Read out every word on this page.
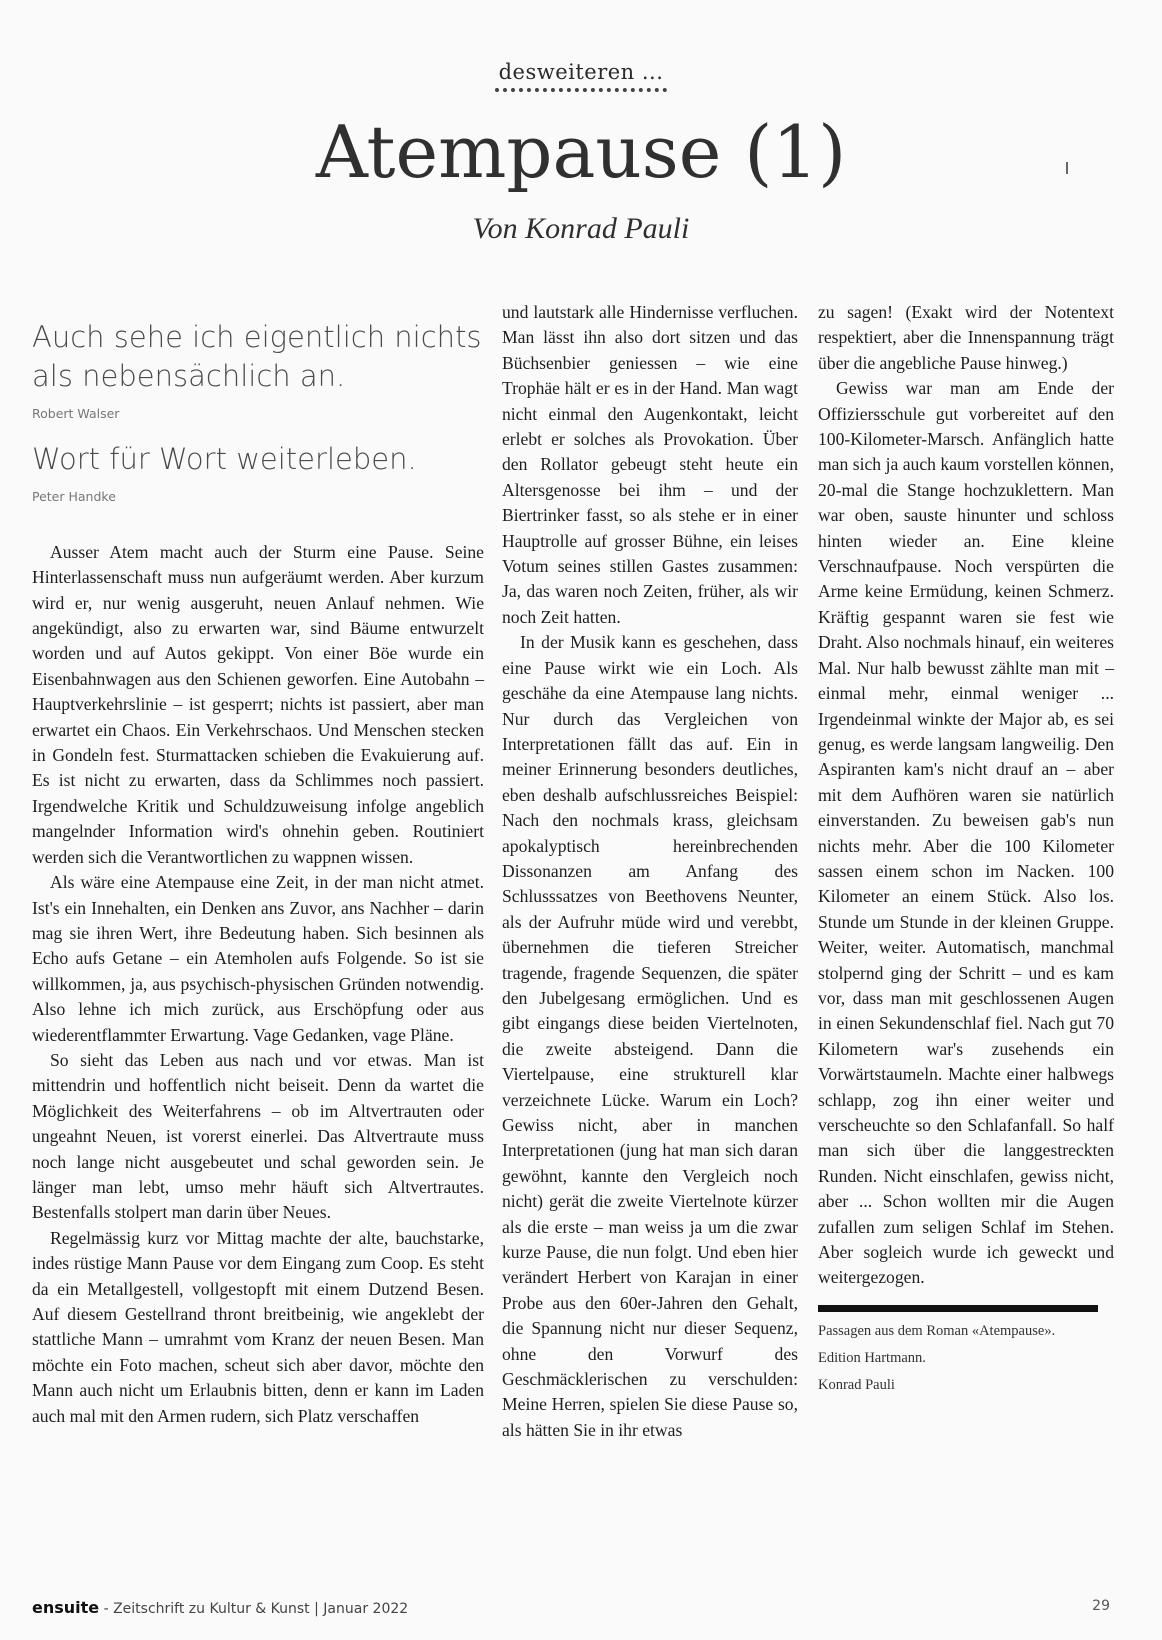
desweiteren ...
Atempause (1)
Von Konrad Pauli
Auch sehe ich eigentlich nichts als nebensächlich an.
Robert Walser
Wort für Wort weiterleben.
Peter Handke

Ausser Atem macht auch der Sturm eine Pause. Seine Hinterlassenschaft muss nun aufgeräumt werden. Aber kurzum wird er, nur wenig ausgeruht, neuen Anlauf nehmen. Wie angekündigt, also zu erwarten war, sind Bäume entwurzelt worden und auf Autos gekippt. Von einer Böe wurde ein Eisenbahnwagen aus den Schienen geworfen. Eine Autobahn – Hauptverkehrslinie – ist gesperrt; nichts ist passiert, aber man erwartet ein Chaos. Ein Verkehrschaos. Und Menschen stecken in Gondeln fest. Sturmattacken schieben die Evakuierung auf. Es ist nicht zu erwarten, dass da Schlimmes noch passiert. Irgendwelche Kritik und Schuldzuweisung infolge angeblich mangelnder Information wird's ohnehin geben. Routiniert werden sich die Verantwortlichen zu wappnen wissen.

Als wäre eine Atempause eine Zeit, in der man nicht atmet. Ist's ein Innehalten, ein Denken ans Zuvor, ans Nachher – darin mag sie ihren Wert, ihre Bedeutung haben. Sich besinnen als Echo aufs Getane – ein Atemholen aufs Folgende. So ist sie willkommen, ja, aus psychisch-physischen Gründen notwendig. Also lehne ich mich zurück, aus Erschöpfung oder aus wiederentflammter Erwartung. Vage Gedanken, vage Pläne.

So sieht das Leben aus nach und vor etwas. Man ist mittendrin und hoffentlich nicht beiseit. Denn da wartet die Möglichkeit des Weiterfahrens – ob im Altvertrauten oder ungeahnt Neuen, ist vorerst einerlei. Das Altvertraute muss noch lange nicht ausgebeutet und schal geworden sein. Je länger man lebt, umso mehr häuft sich Altvertrautes. Bestenfalls stolpert man darin über Neues.

Regelmässig kurz vor Mittag machte der alte, bauchstarke, indes rüstige Mann Pause vor dem Eingang zum Coop. Es steht da ein Metallgestell, vollgestopft mit einem Dutzend Besen. Auf diesem Gestellrand thront breitbeinig, wie angeklebt der stattliche Mann – umrahmt vom Kranz der neuen Besen. Man möchte ein Foto machen, scheut sich aber davor, möchte den Mann auch nicht um Erlaubnis bitten, denn er kann im Laden auch mal mit den Armen rudern, sich Platz verschaffen

und lautstark alle Hindernisse verfluchen. Man lässt ihn also dort sitzen und das Büchsenbier geniessen – wie eine Trophäe hält er es in der Hand. Man wagt nicht einmal den Augenkontakt, leicht erlebt er solches als Provokation. Über den Rollator gebeugt steht heute ein Altersgenosse bei ihm – und der Biertrinker fasst, so als stehe er in einer Hauptrolle auf grosser Bühne, ein leises Votum seines stillen Gastes zusammen: Ja, das waren noch Zeiten, früher, als wir noch Zeit hatten.

In der Musik kann es geschehen, dass eine Pause wirkt wie ein Loch. Als geschähe da eine Atempause lang nichts. Nur durch das Vergleichen von Interpretationen fällt das auf. Ein in meiner Erinnerung besonders deutliches, eben deshalb aufschlussreiches Beispiel: Nach den nochmals krass, gleichsam apokalyptisch hereinbrechenden Dissonanzen am Anfang des Schlusssatzes von Beethovens Neunter, als der Aufruhr müde wird und verebbt, übernehmen die tieferen Streicher tragende, fragende Sequenzen, die später den Jubelgesang ermöglichen. Und es gibt eingangs diese beiden Viertelnoten, die zweite absteigend. Dann die Viertelpause, eine strukturell klar verzeichnete Lücke. Warum ein Loch? Gewiss nicht, aber in manchen Interpretationen (jung hat man sich daran gewöhnt, kannte den Vergleich noch nicht) gerät die zweite Viertelnote kürzer als die erste – man weiss ja um die zwar kurze Pause, die nun folgt. Und eben hier verändert Herbert von Karajan in einer Probe aus den 60er-Jahren den Gehalt, die Spannung nicht nur dieser Sequenz, ohne den Vorwurf des Geschmäcklerischen zu verschulden: Meine Herren, spielen Sie diese Pause so, als hätten Sie in ihr etwas

zu sagen! (Exakt wird der Notentext respektiert, aber die Innenspannung trägt über die angebliche Pause hinweg.)

Gewiss war man am Ende der Offiziersschule gut vorbereitet auf den 100-Kilometer-Marsch. Anfänglich hatte man sich ja auch kaum vorstellen können, 20-mal die Stange hochzuklettern. Man war oben, sauste hinunter und schloss hinten wieder an. Eine kleine Verschnaufpause. Noch verspürten die Arme keine Ermüdung, keinen Schmerz. Kräftig gespannt waren sie fest wie Draht. Also nochmals hinauf, ein weiteres Mal. Nur halb bewusst zählte man mit – einmal mehr, einmal weniger ... Irgendeinmal winkte der Major ab, es sei genug, es werde langsam langweilig. Den Aspiranten kam's nicht drauf an – aber mit dem Aufhören waren sie natürlich einverstanden. Zu beweisen gab's nun nichts mehr. Aber die 100 Kilometer sassen einem schon im Nacken. 100 Kilometer an einem Stück. Also los. Stunde um Stunde in der kleinen Gruppe. Weiter, weiter. Automatisch, manchmal stolpernd ging der Schritt – und es kam vor, dass man mit geschlossenen Augen in einen Sekundenschlaf fiel. Nach gut 70 Kilometern war's zusehends ein Vorwärtstaumeln. Machte einer halbwegs schlapp, zog ihn einer weiter und verscheuchte so den Schlafanfall. So half man sich über die langgestreckten Runden. Nicht einschlafen, gewiss nicht, aber ... Schon wollten mir die Augen zufallen zum seligen Schlaf im Stehen. Aber sogleich wurde ich geweckt und weitergezogen.

Passagen aus dem Roman «Atempause».
Edition Hartmann.
Konrad Pauli
ensuite - Zeitschrift zu Kultur & Kunst | Januar 2022	29
